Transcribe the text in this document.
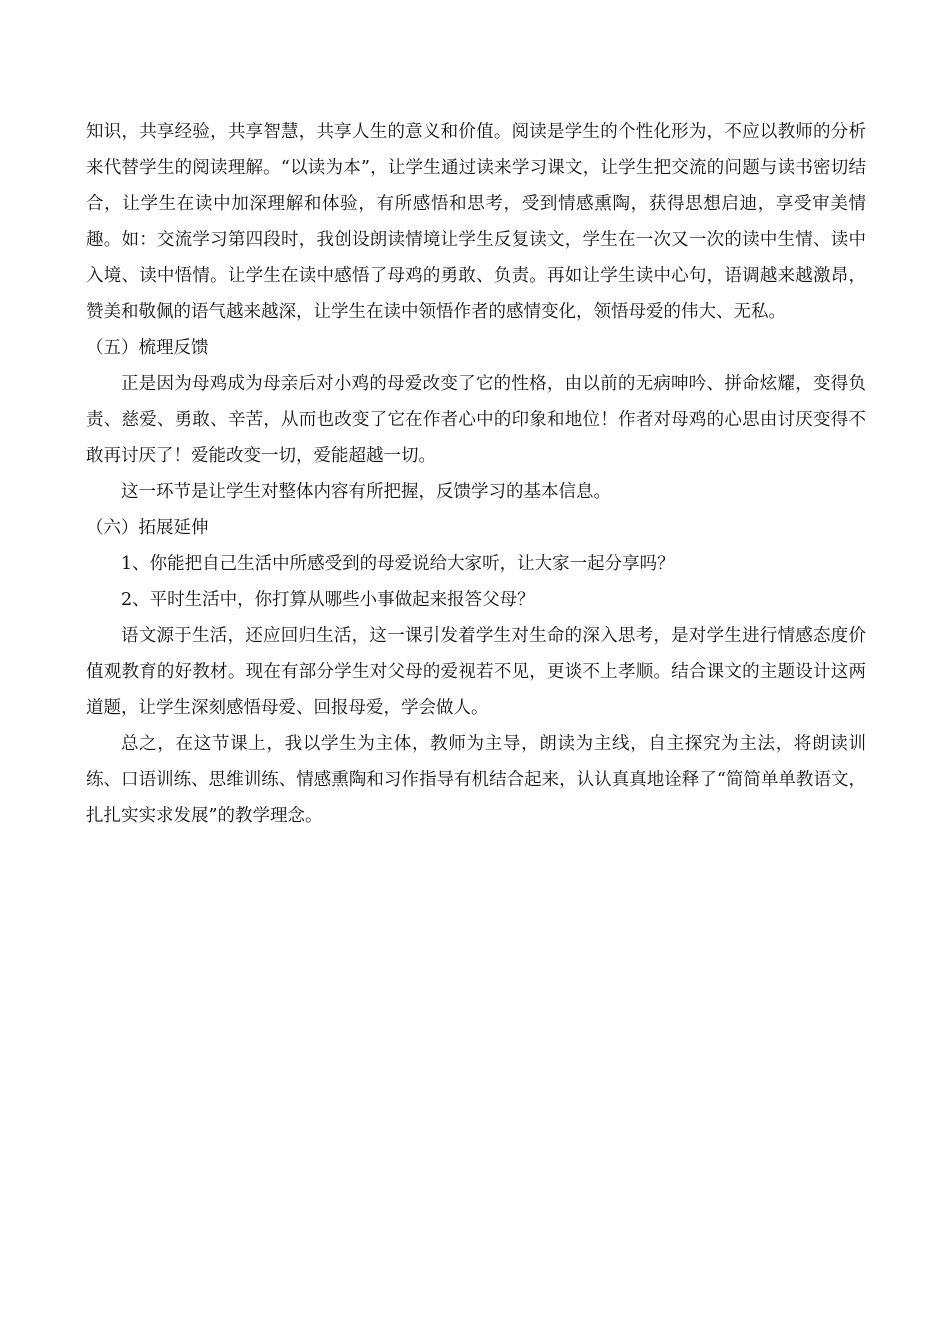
知识，共享经验，共享智慧，共享人生的意义和价值。阅读是学生的个性化形为，不应以教师的分析来代替学生的阅读理解。“以读为本”，让学生通过读来学习课文，让学生把交流的问题与读书密切结合，让学生在读中加深理解和体验，有所感悟和思考，受到情感熏陶，获得思想启迪，享受审美情趣。如：交流学习第四段时，我创设朗读情境让学生反复读文，学生在一次又一次的读中生情、读中入境、读中悟情。让学生在读中感悟了母鸡的勇敢、负责。再如让学生读中心句，语调越来越激昂，赞美和敬佩的语气越来越深，让学生在读中领悟作者的感情变化，领悟母爱的伟大、无私。

（五）梳理反馈

正是因为母鸡成为母亲后对小鸡的母爱改变了它的性格，由以前的无病呻吟、拼命炫耀，变得负责、慈爱、勇敢、辛苦，从而也改变了它在作者心中的印象和地位！作者对母鸡的心思由讨厌变得不敢再讨厌了！爱能改变一切，爱能超越一切。

这一环节是让学生对整体内容有所把握，反馈学习的基本信息。

（六）拓展延伸

1、你能把自己生活中所感受到的母爱说给大家听，让大家一起分享吗？

2、平时生活中，你打算从哪些小事做起来报答父母？

语文源于生活，还应回归生活，这一课引发着学生对生命的深入思考，是对学生进行情感态度价值观教育的好教材。现在有部分学生对父母的爱视若不见，更谈不上孝顺。结合课文的主题设计这两道题，让学生深刻感悟母爱、回报母爱，学会做人。

总之，在这节课上，我以学生为主体，教师为主导，朗读为主线，自主探究为主法，将朗读训练、口语训练、思维训练、情感熏陶和习作指导有机结合起来，认认真真地诠释了“简简单单教语文，扎扎实实求发展”的教学理念。
